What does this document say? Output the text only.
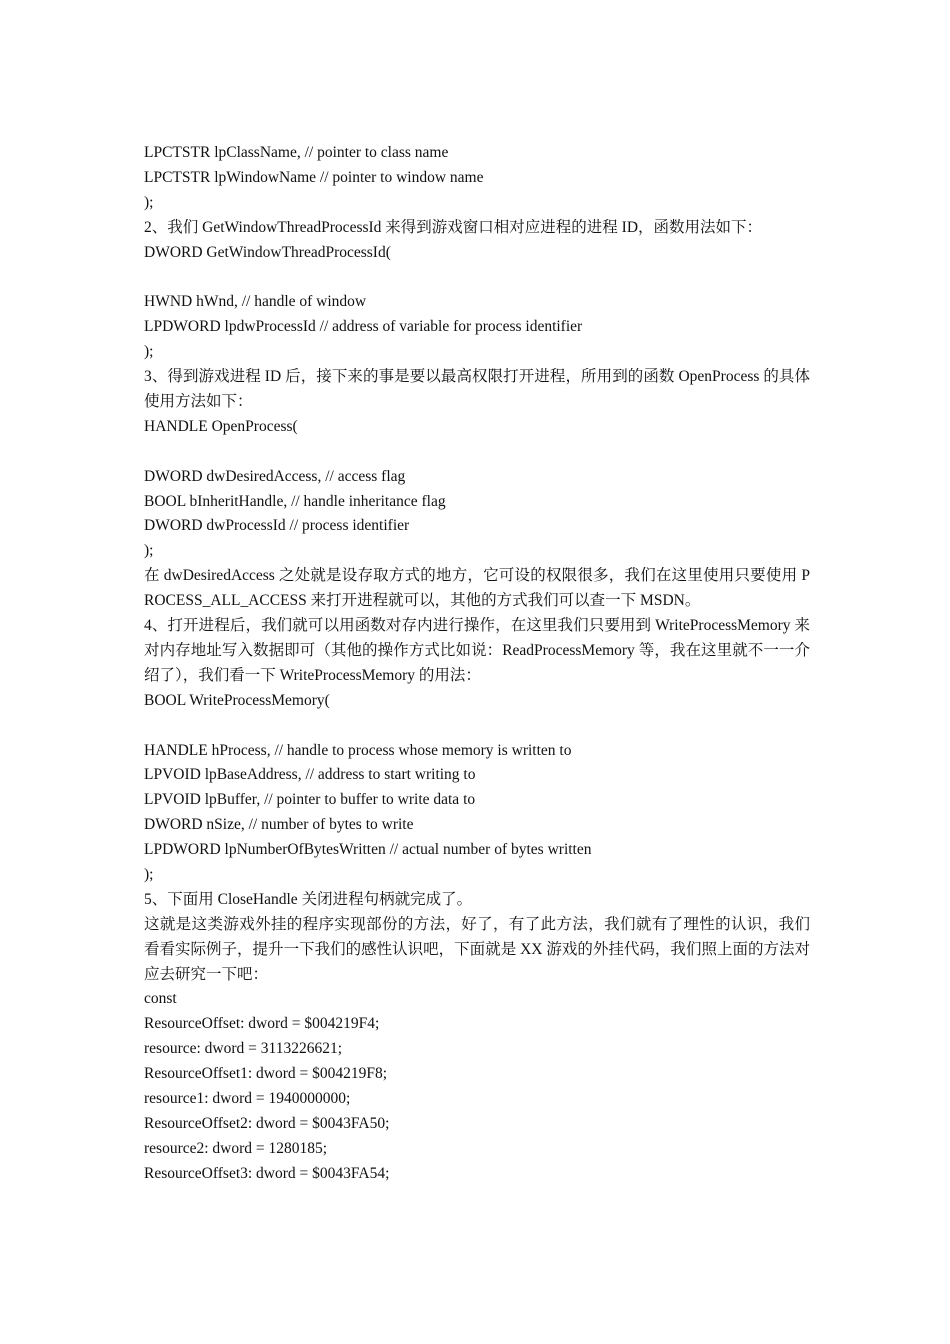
LPCTSTR lpClassName, // pointer to class name
LPCTSTR lpWindowName // pointer to window name
);
2、我们 GetWindowThreadProcessId 来得到游戏窗口相对应进程的进程 ID，函数用法如下：
DWORD GetWindowThreadProcessId(
HWND hWnd, // handle of window
LPDWORD lpdwProcessId // address of variable for process identifier
);
3、得到游戏进程 ID 后，接下来的事是要以最高权限打开进程，所用到的函数 OpenProcess 的具体使用方法如下：
HANDLE OpenProcess(
DWORD dwDesiredAccess, // access flag
BOOL bInheritHandle, // handle inheritance flag
DWORD dwProcessId // process identifier
);
在 dwDesiredAccess 之处就是设存取方式的地方，它可设的权限很多，我们在这里使用只要使用 PROCESS_ALL_ACCESS 来打开进程就可以，其他的方式我们可以查一下 MSDN。
4、打开进程后，我们就可以用函数对存内进行操作，在这里我们只要用到 WriteProcessMemory 来对内存地址写入数据即可（其他的操作方式比如说：ReadProcessMemory 等，我在这里就不一一介绍了），我们看一下 WriteProcessMemory 的用法：
BOOL WriteProcessMemory(
HANDLE hProcess, // handle to process whose memory is written to
LPVOID lpBaseAddress, // address to start writing to
LPVOID lpBuffer, // pointer to buffer to write data to
DWORD nSize, // number of bytes to write
LPDWORD lpNumberOfBytesWritten // actual number of bytes written
);
5、下面用 CloseHandle 关闭进程句柄就完成了。
这就是这类游戏外挂的程序实现部份的方法，好了，有了此方法，我们就有了理性的认识，我们看看实际例子，提升一下我们的感性认识吧，下面就是 XX 游戏的外挂代码，我们照上面的方法对应去研究一下吧：
const
ResourceOffset: dword = $004219F4;
resource: dword = 3113226621;
ResourceOffset1: dword = $004219F8;
resource1: dword = 1940000000;
ResourceOffset2: dword = $0043FA50;
resource2: dword = 1280185;
ResourceOffset3: dword = $0043FA54;
